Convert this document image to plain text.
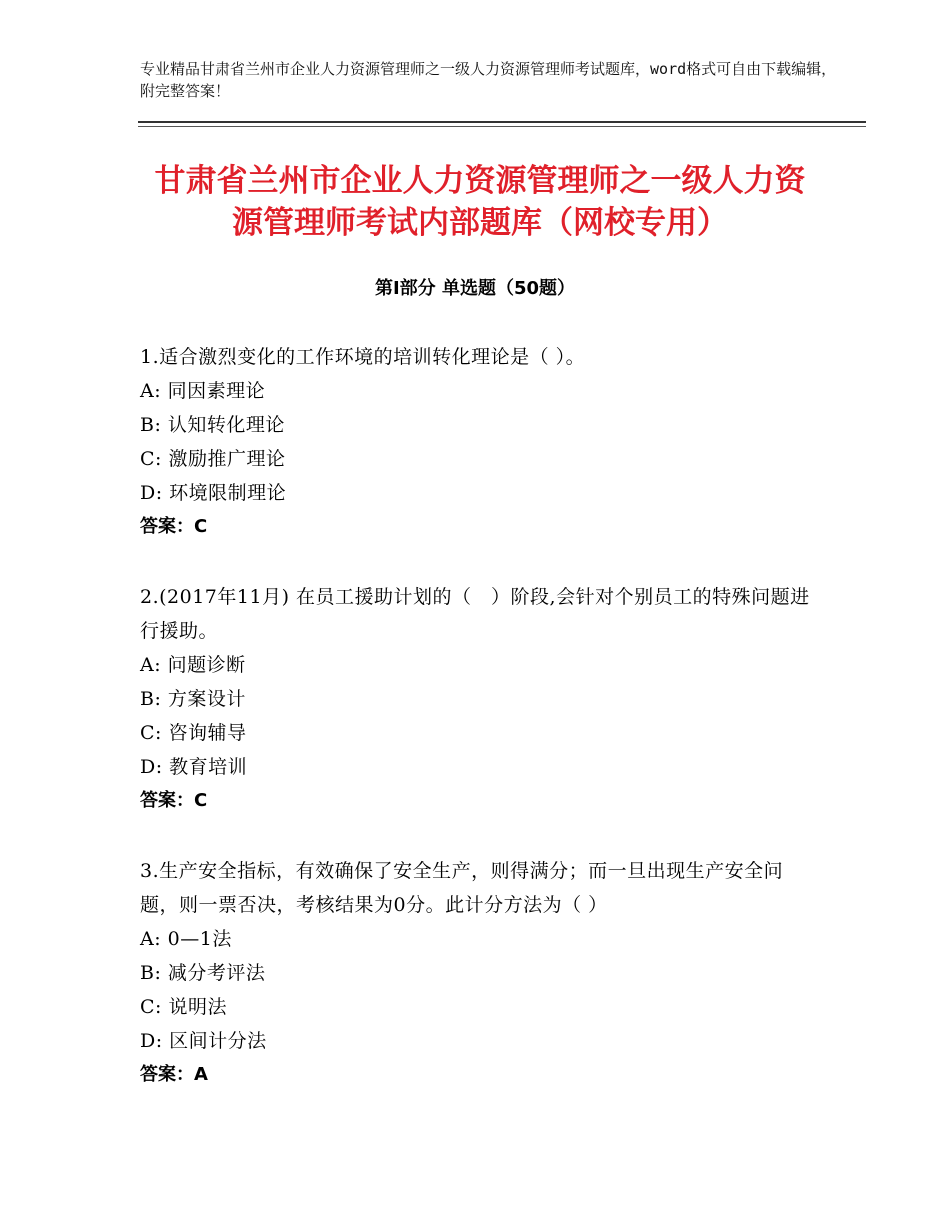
专业精品甘肃省兰州市企业人力资源管理师之一级人力资源管理师考试题库，word格式可自由下载编辑，附完整答案！
甘肃省兰州市企业人力资源管理师之一级人力资源管理师考试内部题库（网校专用）
第Ⅰ部分 单选题（50题）
1.适合激烈变化的工作环境的培训转化理论是（ ）。
A: 同因素理论
B: 认知转化理论
C: 激励推广理论
D: 环境限制理论
答案：C
2.(2017年11月) 在员工援助计划的（　）阶段,会针对个别员工的特殊问题进行援助。
A: 问题诊断
B: 方案设计
C: 咨询辅导
D: 教育培训
答案：C
3.生产安全指标，有效确保了安全生产，则得满分；而一旦出现生产安全问题，则一票否决，考核结果为0分。此计分方法为（ ）
A: 0—1法
B: 减分考评法
C: 说明法
D: 区间计分法
答案：A
